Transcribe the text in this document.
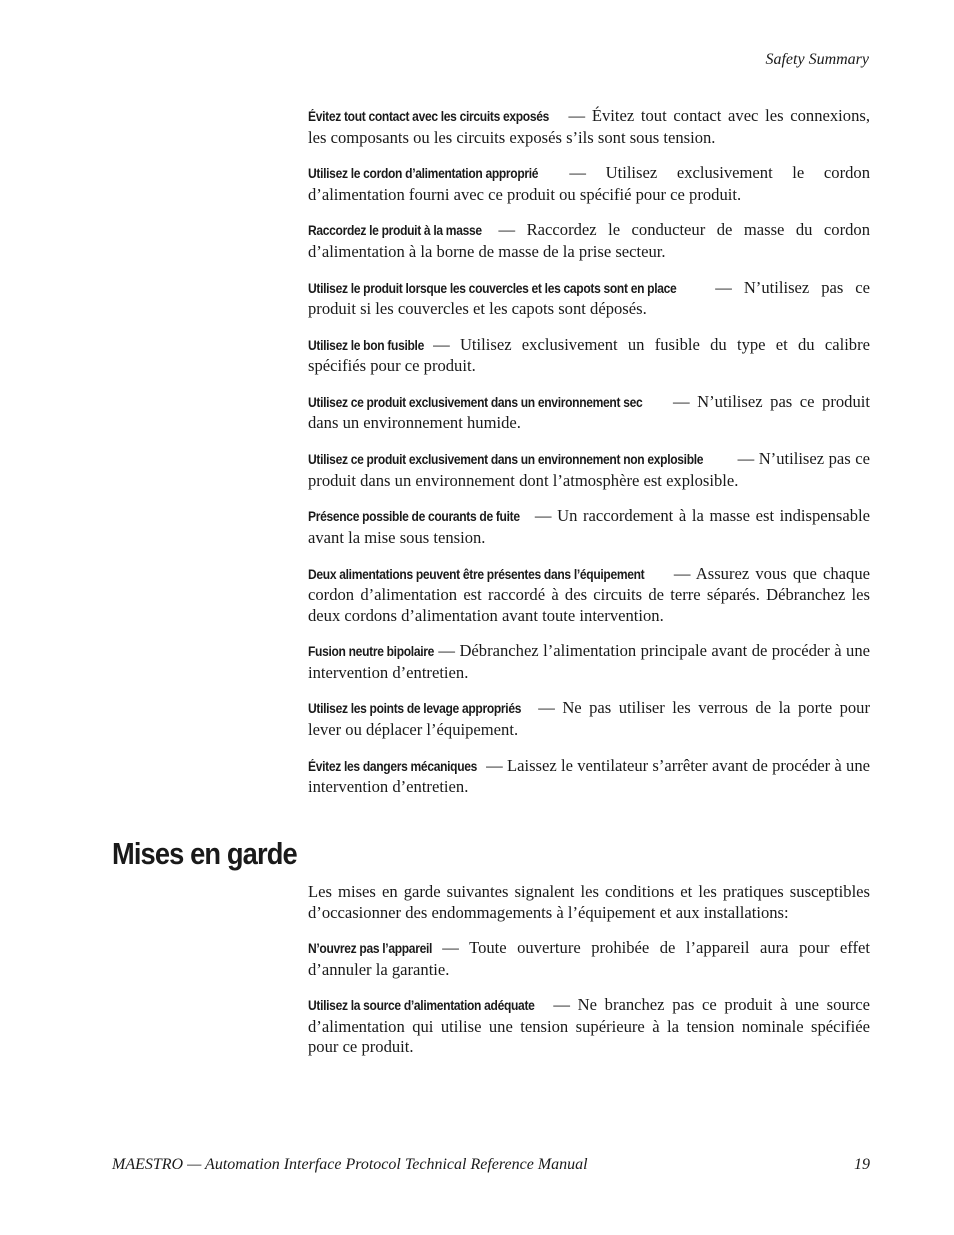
Safety Summary

Évitez tout contact avec les circuits exposés — Évitez tout contact avec les connexions, les composants ou les circuits exposés s’ils sont sous tension.

Utilisez le cordon d’alimentation approprié — Utilisez exclusivement le cordon d’alimentation fourni avec ce produit ou spécifié pour ce produit.

Raccordez le produit à la masse — Raccordez le conducteur de masse du cordon d’alimentation à la borne de masse de la prise secteur.

Utilisez le produit lorsque les couvercles et les capots sont en place — N’utilisez pas ce produit si les couvercles et les capots sont déposés.

Utilisez le bon fusible — Utilisez exclusivement un fusible du type et du calibre spécifiés pour ce produit.

Utilisez ce produit exclusivement dans un environnement sec — N’utilisez pas ce produit dans un environnement humide.

Utilisez ce produit exclusivement dans un environnement non explosible — N’utilisez pas ce produit dans un environnement dont l’atmosphère est explosible.

Présence possible de courants de fuite — Un raccordement à la masse est indispensable avant la mise sous tension.

Deux alimentations peuvent être présentes dans l’équipement — Assurez vous que chaque cordon d’alimentation est raccordé à des circuits de terre séparés. Débranchez les deux cordons d’alimentation avant toute intervention.

Fusion neutre bipolaire — Débranchez l’alimentation principale avant de procéder à une intervention d’entretien.

Utilisez les points de levage appropriés — Ne pas utiliser les verrous de la porte pour lever ou déplacer l’équipement.

Évitez les dangers mécaniques — Laissez le ventilateur s’arrêter avant de procéder à une intervention d’entretien.

Mises en garde

Les mises en garde suivantes signalent les conditions et les pratiques susceptibles d’occasionner des endommagements à l’équipement et aux installations:

N’ouvrez pas l’appareil — Toute ouverture prohibée de l’appareil aura pour effet d’annuler la garantie.

Utilisez la source d’alimentation adéquate — Ne branchez pas ce produit à une source d’alimentation qui utilise une tension supérieure à la tension nominale spécifiée pour ce produit.

MAESTRO — Automation Interface Protocol Technical Reference Manual	19
